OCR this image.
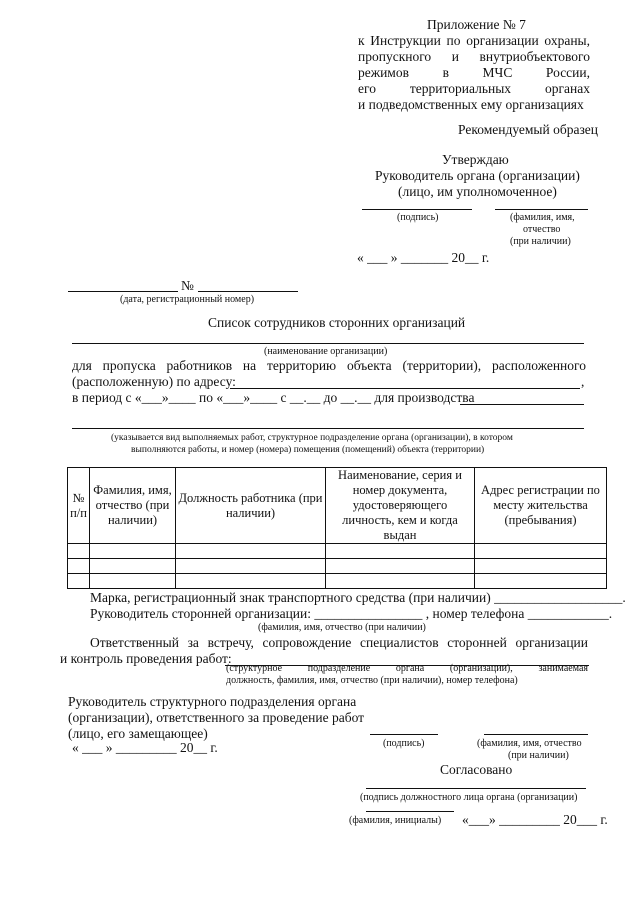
Приложение № 7
к Инструкции по организации охраны,
пропускного и внутриобъектового
режимов в МЧС России,
его территориальных органах
и подведомственных ему организациях
Рекомендуемый образец
Утверждаю
Руководитель органа (организации)
(лицо, им уполномоченное)
(подпись)	(фамилия, имя,
отчество
(при наличии)
« ___ » _______ 20__ г.
№
(дата, регистрационный номер)
Список сотрудников сторонних организаций
(наименование организации)
для пропуска работников на территорию объекта (территории), расположенного
(расположенную) по адресу:	,
в период с «___»____ по «___»____ с __.__ до __.__ для производства
(указывается вид выполняемых работ, структурное подразделение органа (организации), в котором
выполняются работы, и номер (номера) помещения (помещений) объекта (территории)
№ п/п	Фамилия, имя, отчество (при наличии)	Должность работника (при наличии)	Наименование, серия и номер документа, удостоверяющего личность, кем и когда выдан	Адрес регистрации по месту жительства (пребывания)

Марка, регистрационный знак транспортного средства (при наличии) ___________________.
Руководитель сторонней организации: ________________ , номер телефона ____________.
(фамилия, имя, отчество (при наличии)
Ответственный за встречу, сопровождение специалистов сторонней организации
и контроль проведения работ:
(структурное подразделение органа (организации), занимаемая
должность, фамилия, имя, отчество (при наличии), номер телефона)
Руководитель структурного подразделения органа
(организации), ответственного за проведение работ
(лицо, его замещающее)
« ___ » _________ 20__ г.	(подпись)	(фамилия, имя, отчество
(при наличии)
Согласовано
(подпись должностного лица органа (организации)
(фамилия, инициалы) «___» _________ 20___ г.
